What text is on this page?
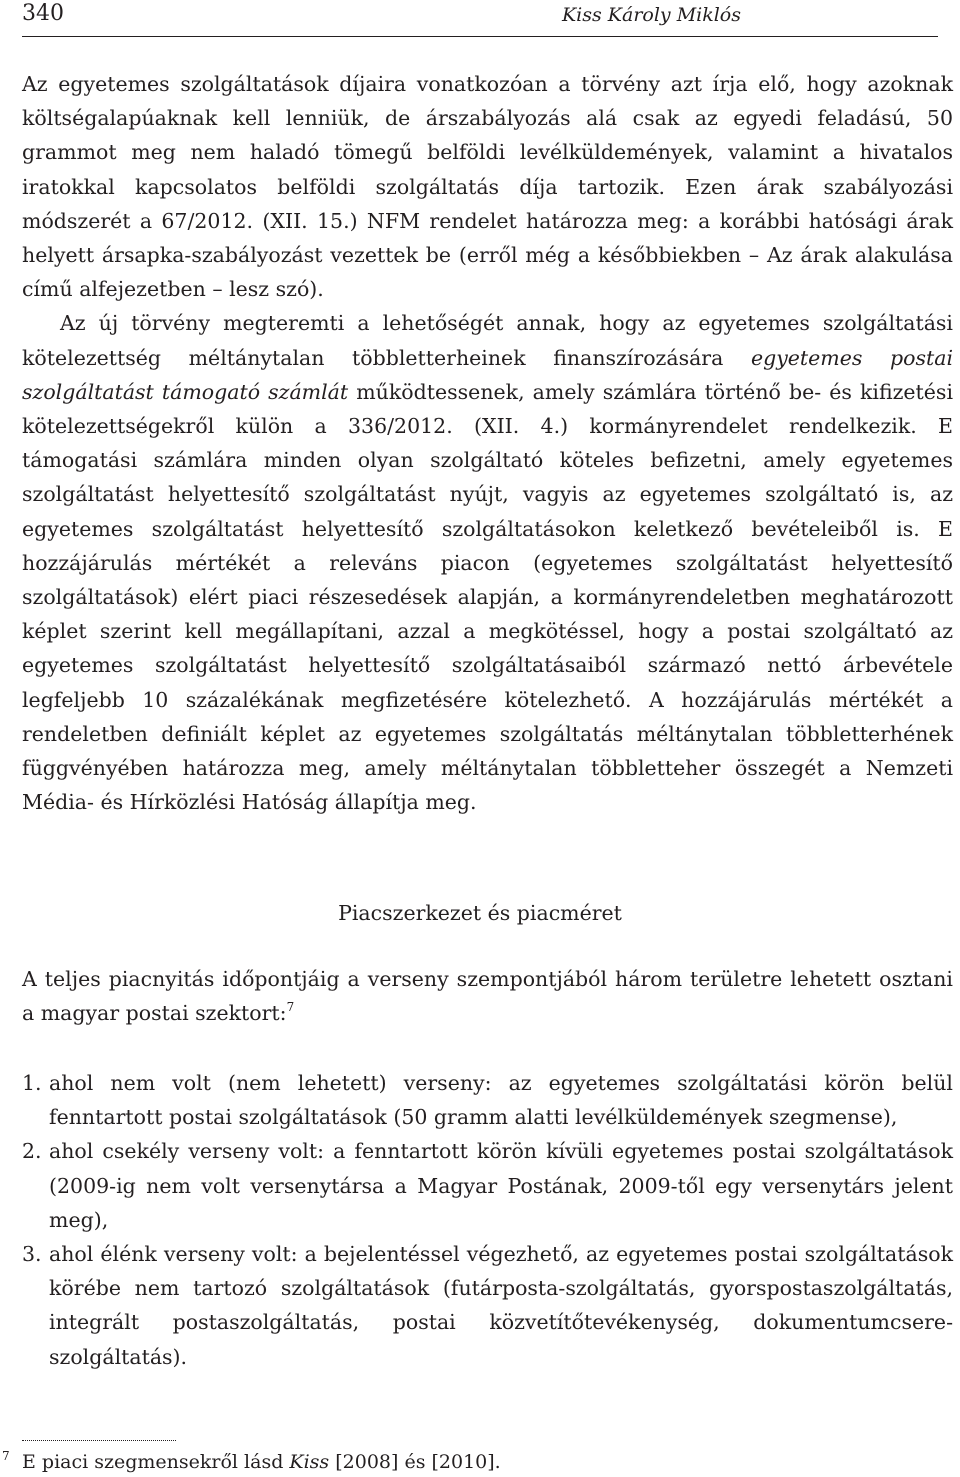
340	Kiss Károly Miklós

Az egyetemes szolgáltatások díjaira vonatkozóan a törvény azt írja elő, hogy azoknak költségalapúaknak kell lenniük, de árszabályozás alá csak az egyedi feladású, 50 grammot meg nem haladó tömegű belföldi levélküldemények, valamint a hivatalos iratokkal kapcsolatos belföldi szolgáltatás díja tartozik. Ezen árak szabályozási módszerét a 67/2012. (XII. 15.) NFM rendelet határozza meg: a korábbi hatósági árak helyett ársapka-szabályozást vezettek be (erről még a későbbiekben – Az árak alakulása című alfejezetben – lesz szó).

Az új törvény megteremti a lehetőségét annak, hogy az egyetemes szolgáltatási kötelezettség méltánytalan többletterheinek finanszírozására egyetemes postai szolgáltatást támogató számlát működtessenek, amely számlára történő be- és kifizetési kötelezettségekről külön a 336/2012. (XII. 4.) kormányrendelet rendelkezik. E támogatási számlára minden olyan szolgáltató köteles befizetni, amely egyetemes szolgáltatást helyettesítő szolgáltatást nyújt, vagyis az egyetemes szolgáltató is, az egyetemes szolgáltatást helyettesítő szolgáltatásokon keletkező bevételeiből is. E hozzájárulás mértékét a releváns piacon (egyetemes szolgáltatást helyettesítő szolgáltatások) elért piaci részesedések alapján, a kormányrendeletben meghatározott képlet szerint kell megállapítani, azzal a megkötéssel, hogy a postai szolgáltató az egyetemes szolgáltatást helyettesítő szolgáltatásaiból származó nettó árbevétele legfeljebb 10 százalékának megfizetésére kötelezhető. A hozzájárulás mértékét a rendeletben definiált képlet az egyetemes szolgáltatás méltánytalan többletterhének függvényében határozza meg, amely méltánytalan többletteher összegét a Nemzeti Média- és Hírközlési Hatóság állapítja meg.

Piacszerkezet és piacméret

A teljes piacnyitás időpontjáig a verseny szempontjából három területre lehetett osztani a magyar postai szektort:$^7$

1. ahol nem volt (nem lehetett) verseny: az egyetemes szolgáltatási körön belül fenntartott postai szolgáltatások (50 gramm alatti levélküldemények szegmense),
2. ahol csekély verseny volt: a fenntartott körön kívüli egyetemes postai szolgáltatások (2009-ig nem volt versenytársa a Magyar Postának, 2009-től egy versenytárs jelent meg),
3. ahol élénk verseny volt: a bejelentéssel végezhető, az egyetemes postai szolgáltatások körébe nem tartozó szolgáltatások (futárposta-szolgáltatás, gyorspostaszolgáltatás, integrált postaszolgáltatás, postai közvetítőtevékenység, dokumentumcsere-szolgáltatás).
7 E piaci szegmensekről lásd Kiss [2008] és [2010].
